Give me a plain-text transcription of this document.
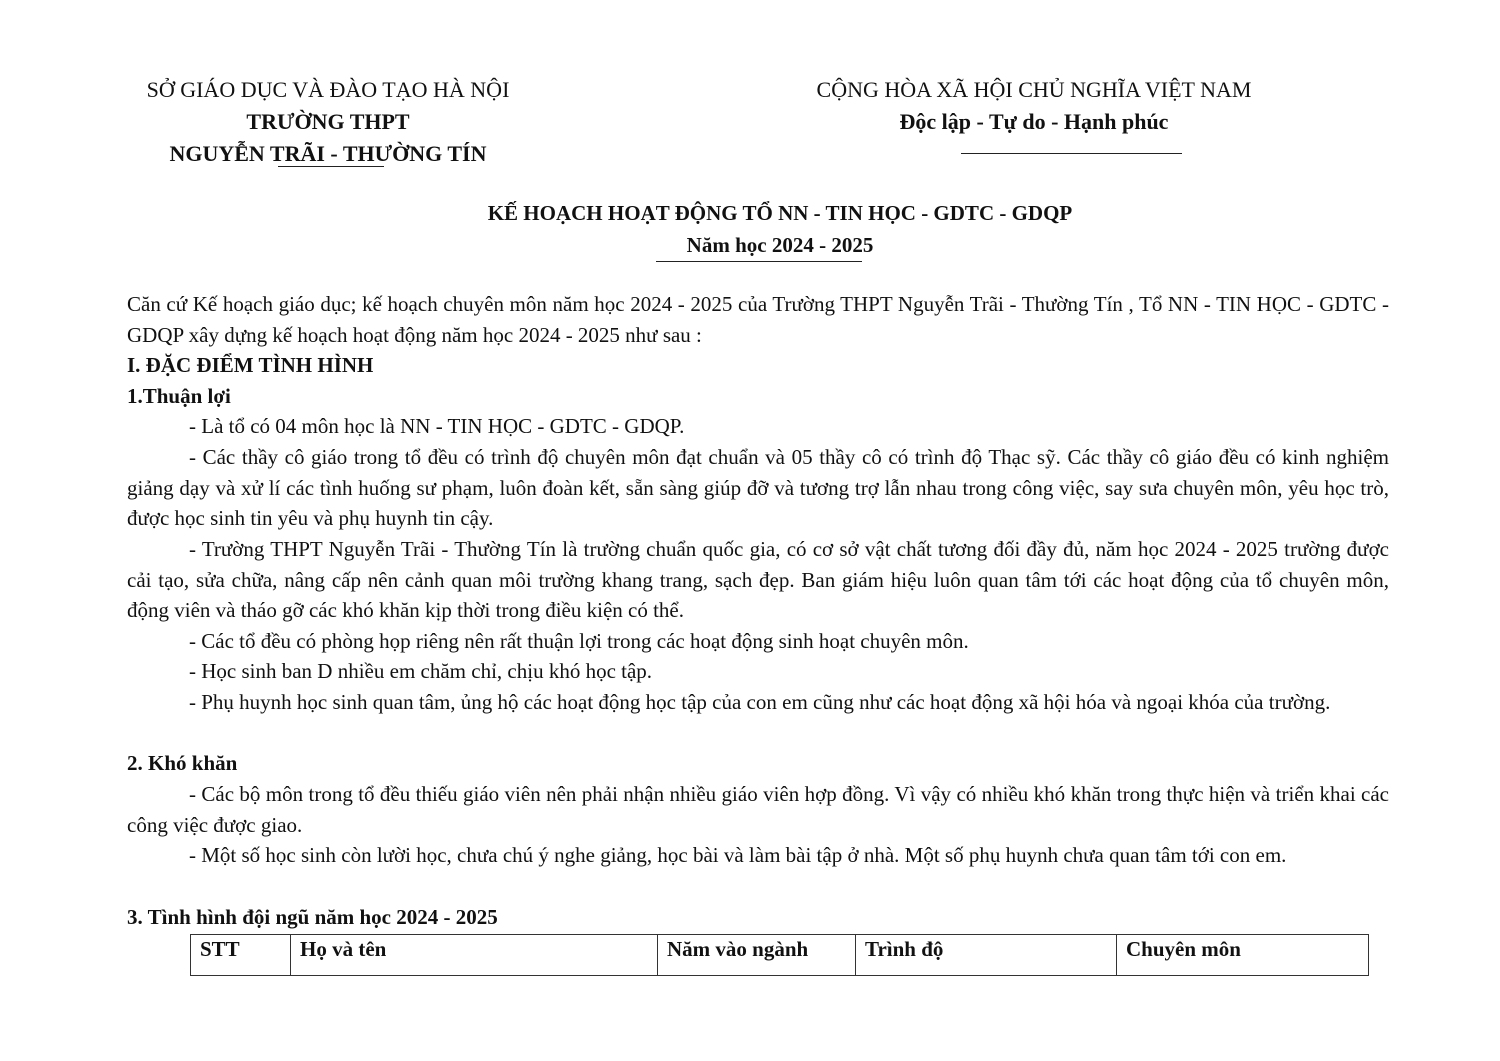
SỞ GIÁO DỤC VÀ ĐÀO TẠO HÀ NỘI
TRƯỜNG THPT
NGUYỄN TRÃI - THƯỜNG TÍN
CỘNG HÒA XÃ HỘI CHỦ NGHĨA VIỆT NAM
Độc lập - Tự do - Hạnh phúc
KẾ HOẠCH HOẠT ĐỘNG TỔ NN - TIN HỌC - GDTC - GDQP
Năm học 2024 - 2025
Căn cứ Kế hoạch giáo dục; kế hoạch chuyên môn năm học 2024 - 2025 của Trường THPT Nguyễn Trãi - Thường Tín , Tổ NN - TIN HỌC - GDTC - GDQP xây dựng kế hoạch hoạt động năm học 2024 - 2025 như sau :
I. ĐẶC ĐIỂM TÌNH HÌNH
1.Thuận lợi
- Là tổ có 04 môn học là NN - TIN HỌC - GDTC - GDQP.
- Các thầy cô giáo trong tổ đều có trình độ chuyên môn đạt chuẩn và 05 thầy cô có trình độ Thạc sỹ. Các thầy cô giáo đều có kinh nghiệm giảng dạy và xử lí các tình huống sư phạm, luôn đoàn kết, sẵn sàng giúp đỡ và tương trợ lẫn nhau trong công việc, say sưa chuyên môn, yêu học trò, được học sinh tin yêu và phụ huynh tin cậy.
- Trường THPT Nguyễn Trãi - Thường Tín là trường chuẩn quốc gia, có cơ sở vật chất tương đối đầy đủ, năm học 2024 - 2025 trường được cải tạo, sửa chữa, nâng cấp nên cảnh quan môi trường khang trang, sạch đẹp. Ban giám hiệu luôn quan tâm tới các hoạt động của tổ chuyên môn, động viên và tháo gỡ các khó khăn kịp thời trong điều kiện có thể.
- Các tổ đều có phòng họp riêng nên rất thuận lợi trong các hoạt động sinh hoạt chuyên môn.
- Học sinh ban D nhiều em chăm chỉ, chịu khó học tập.
- Phụ huynh học sinh quan tâm, ủng hộ các hoạt động học tập của con em cũng như các hoạt động xã hội hóa và ngoại khóa của trường.
2. Khó khăn
- Các bộ môn trong tổ đều thiếu giáo viên nên phải nhận nhiều giáo viên hợp đồng. Vì vậy có nhiều khó khăn trong thực hiện và triển khai các công việc được giao.
- Một số học sinh còn lười học, chưa chú ý nghe giảng, học bài và làm bài tập ở nhà. Một số phụ huynh chưa quan tâm tới con em.
3. Tình hình đội ngũ năm học 2024 - 2025
STT	Họ và tên	Năm vào ngành	Trình độ	Chuyên môn
